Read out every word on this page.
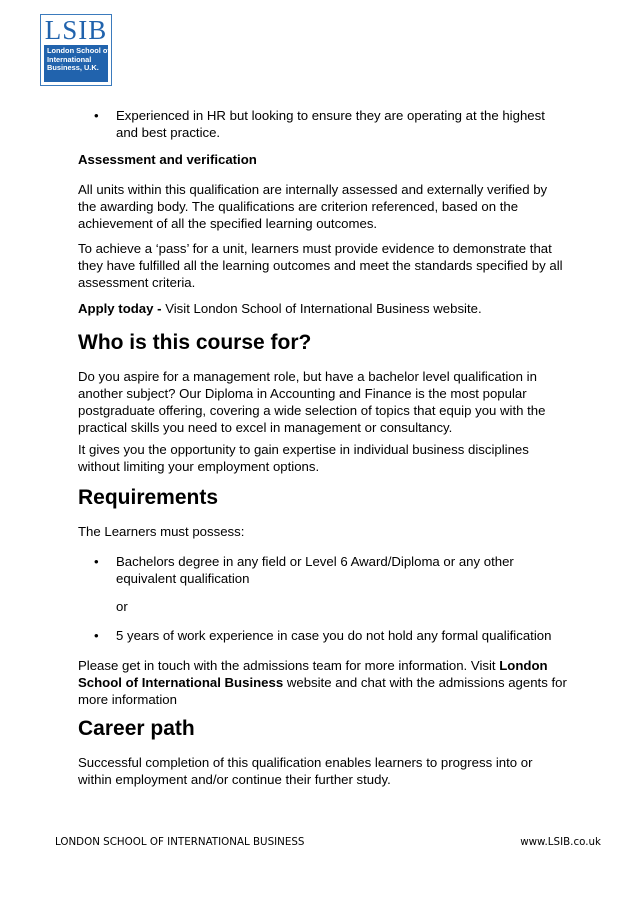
LSIB
London School of
International
Business, U.K.
• Experienced in HR but looking to ensure they are operating at the highest and best practice.

Assessment and verification

All units within this qualification are internally assessed and externally verified by the awarding body. The qualifications are criterion referenced, based on the achievement of all the specified learning outcomes.

To achieve a ‘pass’ for a unit, learners must provide evidence to demonstrate that they have fulfilled all the learning outcomes and meet the standards specified by all assessment criteria.

Apply today - Visit London School of International Business website.

Who is this course for?

Do you aspire for a management role, but have a bachelor level qualification in another subject? Our Diploma in Accounting and Finance is the most popular postgraduate offering, covering a wide selection of topics that equip you with the practical skills you need to excel in management or consultancy.

It gives you the opportunity to gain expertise in individual business disciplines without limiting your employment options.

Requirements

The Learners must possess:

• Bachelors degree in any field or Level 6 Award/Diploma or any other equivalent qualification

or

• 5 years of work experience in case you do not hold any formal qualification

Please get in touch with the admissions team for more information. Visit London School of International Business website and chat with the admissions agents for more information

Career path

Successful completion of this qualification enables learners to progress into or within employment and/or continue their further study.

LONDON SCHOOL OF INTERNATIONAL BUSINESS	www.LSIB.co.uk
